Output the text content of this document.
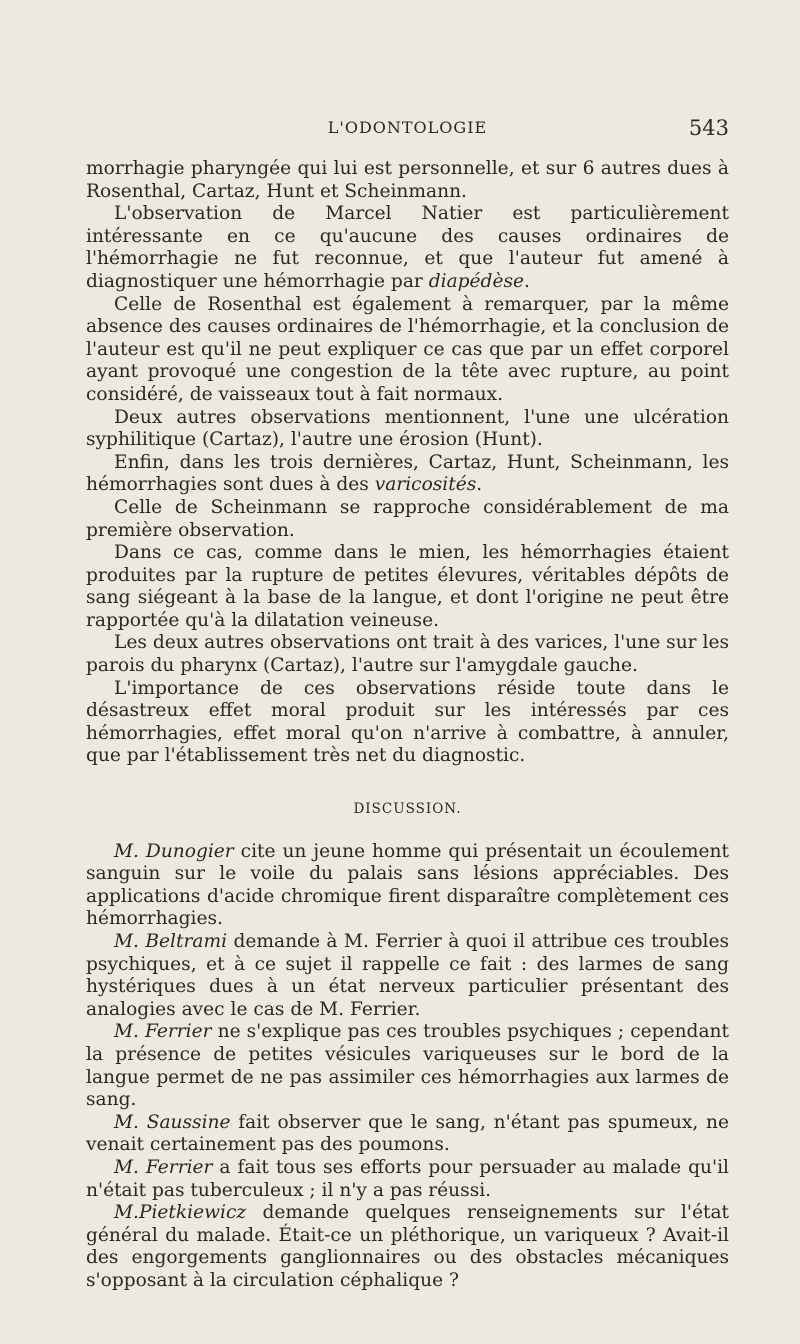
L'ODONTOLOGIE	543

morrhagie pharyngée qui lui est personnelle, et sur 6 autres dues à Rosenthal, Cartaz, Hunt et Scheinmann.

L'observation de Marcel Natier est particulièrement intéressante en ce qu'aucune des causes ordinaires de l'hémorrhagie ne fut reconnue, et que l'auteur fut amené à diagnostiquer une hémorrhagie par diapédèse.

Celle de Rosenthal est également à remarquer, par la même absence des causes ordinaires de l'hémorrhagie, et la conclusion de l'auteur est qu'il ne peut expliquer ce cas que par un effet corporel ayant provoqué une congestion de la tête avec rupture, au point considéré, de vaisseaux tout à fait normaux.

Deux autres observations mentionnent, l'une une ulcération syphilitique (Cartaz), l'autre une érosion (Hunt).

Enfin, dans les trois dernières, Cartaz, Hunt, Scheinmann, les hémorrhagies sont dues à des varicosités.

Celle de Scheinmann se rapproche considérablement de ma première observation.

Dans ce cas, comme dans le mien, les hémorrhagies étaient produites par la rupture de petites élevures, véritables dépôts de sang siégeant à la base de la langue, et dont l'origine ne peut être rapportée qu'à la dilatation veineuse.

Les deux autres observations ont trait à des varices, l'une sur les parois du pharynx (Cartaz), l'autre sur l'amygdale gauche.

L'importance de ces observations réside toute dans le désastreux effet moral produit sur les intéressés par ces hémorrhagies, effet moral qu'on n'arrive à combattre, à annuler, que par l'établissement très net du diagnostic.

DISCUSSION.

M. Dunogier cite un jeune homme qui présentait un écoulement sanguin sur le voile du palais sans lésions appréciables. Des applications d'acide chromique firent disparaître complètement ces hémorrhagies.

M. Beltrami demande à M. Ferrier à quoi il attribue ces troubles psychiques, et à ce sujet il rappelle ce fait : des larmes de sang hystériques dues à un état nerveux particulier présentant des analogies avec le cas de M. Ferrier.

M. Ferrier ne s'explique pas ces troubles psychiques ; cependant la présence de petites vésicules variqueuses sur le bord de la langue permet de ne pas assimiler ces hémorrhagies aux larmes de sang.

M. Saussine fait observer que le sang, n'étant pas spumeux, ne venait certainement pas des poumons.

M. Ferrier a fait tous ses efforts pour persuader au malade qu'il n'était pas tuberculeux ; il n'y a pas réussi.

M.Pietkiewicz demande quelques renseignements sur l'état général du malade. Était-ce un pléthorique, un variqueux ? Avait-il des engorgements ganglionnaires ou des obstacles mécaniques s'opposant à la circulation céphalique ?
